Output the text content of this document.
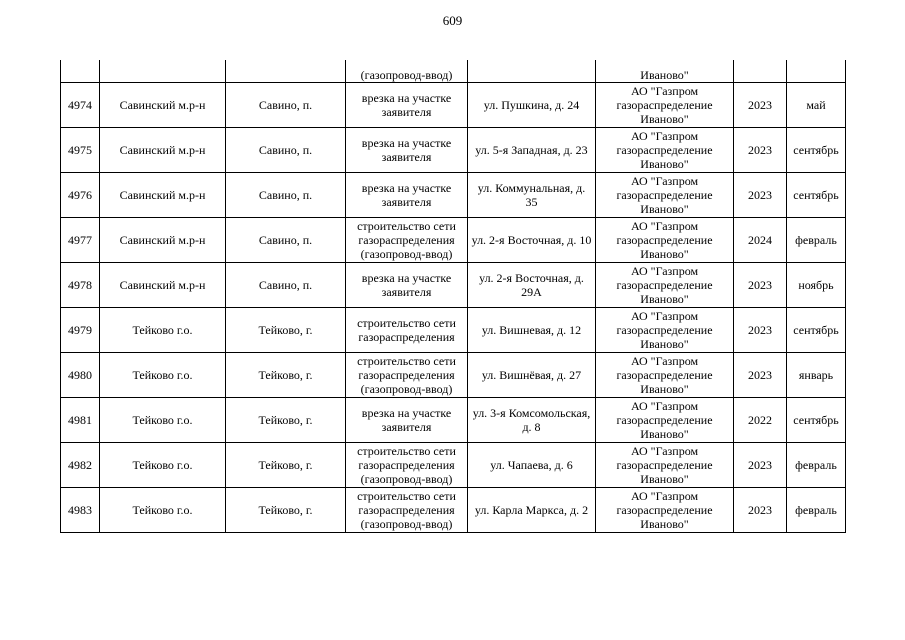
609
			(газопровод-ввод)		Иваново"		
4974	Савинский м.р-н	Савино, п.	врезка на участке заявителя	ул. Пушкина, д. 24	АО "Газпром газораспределение Иваново"	2023	май
4975	Савинский м.р-н	Савино, п.	врезка на участке заявителя	ул. 5-я Западная, д. 23	АО "Газпром газораспределение Иваново"	2023	сентябрь
4976	Савинский м.р-н	Савино, п.	врезка на участке заявителя	ул. Коммунальная, д. 35	АО "Газпром газораспределение Иваново"	2023	сентябрь
4977	Савинский м.р-н	Савино, п.	строительство сети газораспределения (газопровод-ввод)	ул. 2-я Восточная, д. 10	АО "Газпром газораспределение Иваново"	2024	февраль
4978	Савинский м.р-н	Савино, п.	врезка на участке заявителя	ул. 2-я Восточная, д. 29А	АО "Газпром газораспределение Иваново"	2023	ноябрь
4979	Тейково г.о.	Тейково, г.	строительство сети газораспределения	ул. Вишневая, д. 12	АО "Газпром газораспределение Иваново"	2023	сентябрь
4980	Тейково г.о.	Тейково, г.	строительство сети газораспределения (газопровод-ввод)	ул. Вишнёвая, д. 27	АО "Газпром газораспределение Иваново"	2023	январь
4981	Тейково г.о.	Тейково, г.	врезка на участке заявителя	ул. 3-я Комсомольская, д. 8	АО "Газпром газораспределение Иваново"	2022	сентябрь
4982	Тейково г.о.	Тейково, г.	строительство сети газораспределения (газопровод-ввод)	ул. Чапаева, д. 6	АО "Газпром газораспределение Иваново"	2023	февраль
4983	Тейково г.о.	Тейково, г.	строительство сети газораспределения (газопровод-ввод)	ул. Карла Маркса, д. 2	АО "Газпром газораспределение Иваново"	2023	февраль
